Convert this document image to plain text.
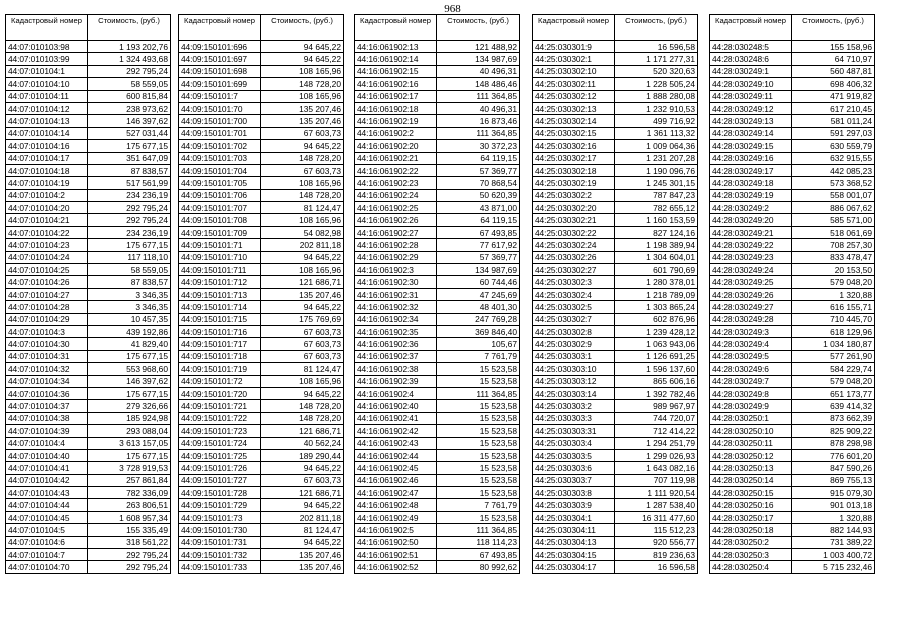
968
Кадастровый номер	Стоимость, (руб.)
44:07:010103:98	1 193 202,76
44:07:010103:99	1 324 493,68
44:07:010104:1	292 795,24
44:07:010104:10	58 559,05
44:07:010104:11	600 815,84
44:07:010104:12	238 973,62
44:07:010104:13	146 397,62
44:07:010104:14	527 031,44
44:07:010104:16	175 677,15
44:07:010104:17	351 647,09
44:07:010104:18	87 838,57
44:07:010104:19	517 561,99
44:07:010104:2	234 236,19
44:07:010104:20	292 795,24
44:07:010104:21	292 795,24
44:07:010104:22	234 236,19
44:07:010104:23	175 677,15
44:07:010104:24	117 118,10
44:07:010104:25	58 559,05
44:07:010104:26	87 838,57
44:07:010104:27	3 346,35
44:07:010104:28	3 346,35
44:07:010104:29	10 457,35
44:07:010104:3	439 192,86
44:07:010104:30	41 829,40
44:07:010104:31	175 677,15
44:07:010104:32	553 968,60
44:07:010104:34	146 397,62
44:07:010104:36	175 677,15
44:07:010104:37	279 326,66
44:07:010104:38	185 924,98
44:07:010104:39	293 088,04
44:07:010104:4	3 613 157,05
44:07:010104:40	175 677,15
44:07:010104:41	3 728 919,53
44:07:010104:42	257 861,84
44:07:010104:43	782 336,09
44:07:010104:44	263 806,51
44:07:010104:45	1 608 957,34
44:07:010104:5	155 335,49
44:07:010104:6	318 561,22
44:07:010104:7	292 795,24
44:07:010104:70	292 795,24
Кадастровый номер	Стоимость, (руб.)
44:09:150101:696	94 645,22
44:09:150101:697	94 645,22
44:09:150101:698	108 165,96
44:09:150101:699	148 728,20
44:09:150101:7	108 165,96
44:09:150101:70	135 207,46
44:09:150101:700	135 207,46
44:09:150101:701	67 603,73
44:09:150101:702	94 645,22
44:09:150101:703	148 728,20
44:09:150101:704	67 603,73
44:09:150101:705	108 165,96
44:09:150101:706	148 728,20
44:09:150101:707	81 124,47
44:09:150101:708	108 165,96
44:09:150101:709	54 082,98
44:09:150101:71	202 811,18
44:09:150101:710	94 645,22
44:09:150101:711	108 165,96
44:09:150101:712	121 686,71
44:09:150101:713	135 207,46
44:09:150101:714	94 645,22
44:09:150101:715	175 769,69
44:09:150101:716	67 603,73
44:09:150101:717	67 603,73
44:09:150101:718	67 603,73
44:09:150101:719	81 124,47
44:09:150101:72	108 165,96
44:09:150101:720	94 645,22
44:09:150101:721	148 728,20
44:09:150101:722	148 728,20
44:09:150101:723	121 686,71
44:09:150101:724	40 562,24
44:09:150101:725	189 290,44
44:09:150101:726	94 645,22
44:09:150101:727	67 603,73
44:09:150101:728	121 686,71
44:09:150101:729	94 645,22
44:09:150101:73	202 811,18
44:09:150101:730	81 124,47
44:09:150101:731	94 645,22
44:09:150101:732	135 207,46
44:09:150101:733	135 207,46
Кадастровый номер	Стоимость, (руб.)
44:16:061902:13	121 488,92
44:16:061902:14	134 987,69
44:16:061902:15	40 496,31
44:16:061902:16	148 486,46
44:16:061902:17	111 364,85
44:16:061902:18	40 496,31
44:16:061902:19	16 873,46
44:16:061902:2	111 364,85
44:16:061902:20	30 372,23
44:16:061902:21	64 119,15
44:16:061902:22	57 369,77
44:16:061902:23	70 868,54
44:16:061902:24	50 620,39
44:16:061902:25	43 871,00
44:16:061902:26	64 119,15
44:16:061902:27	67 493,85
44:16:061902:28	77 617,92
44:16:061902:29	57 369,77
44:16:061902:3	134 987,69
44:16:061902:30	60 744,46
44:16:061902:31	47 245,69
44:16:061902:32	48 401,30
44:16:061902:34	247 769,28
44:16:061902:35	369 846,40
44:16:061902:36	105,67
44:16:061902:37	7 761,79
44:16:061902:38	15 523,58
44:16:061902:39	15 523,58
44:16:061902:4	111 364,85
44:16:061902:40	15 523,58
44:16:061902:41	15 523,58
44:16:061902:42	15 523,58
44:16:061902:43	15 523,58
44:16:061902:44	15 523,58
44:16:061902:45	15 523,58
44:16:061902:46	15 523,58
44:16:061902:47	15 523,58
44:16:061902:48	7 761,79
44:16:061902:49	15 523,58
44:16:061902:5	111 364,85
44:16:061902:50	118 114,23
44:16:061902:51	67 493,85
44:16:061902:52	80 992,62
Кадастровый номер	Стоимость, (руб.)
44:25:030301:9	16 596,58
44:25:030302:1	1 171 277,31
44:25:030302:10	520 320,63
44:25:030302:11	1 228 505,24
44:25:030302:12	1 888 280,08
44:25:030302:13	1 232 910,53
44:25:030302:14	499 716,92
44:25:030302:15	1 361 113,32
44:25:030302:16	1 009 064,36
44:25:030302:17	1 231 207,28
44:25:030302:18	1 190 096,76
44:25:030302:19	1 245 301,15
44:25:030302:2	787 847,23
44:25:030302:20	782 655,12
44:25:030302:21	1 160 153,59
44:25:030302:22	827 124,16
44:25:030302:24	1 198 389,94
44:25:030302:26	1 304 604,01
44:25:030302:27	601 790,69
44:25:030302:3	1 280 378,01
44:25:030302:4	1 218 789,09
44:25:030302:5	1 303 865,24
44:25:030302:7	602 876,96
44:25:030302:8	1 239 428,12
44:25:030302:9	1 063 943,06
44:25:030303:1	1 126 691,25
44:25:030303:10	1 596 137,60
44:25:030303:12	865 606,16
44:25:030303:14	1 392 782,46
44:25:030303:2	989 967,97
44:25:030303:3	744 720,07
44:25:030303:31	712 414,22
44:25:030303:4	1 294 251,79
44:25:030303:5	1 299 026,93
44:25:030303:6	1 643 082,16
44:25:030303:7	707 119,98
44:25:030303:8	1 111 920,54
44:25:030303:9	1 287 538,40
44:25:030304:1	16 311 477,60
44:25:030304:11	115 512,23
44:25:030304:13	920 556,77
44:25:030304:15	819 236,63
44:25:030304:17	16 596,58
Кадастровый номер	Стоимость, (руб.)
44:28:030248:5	155 158,96
44:28:030248:6	64 710,97
44:28:030249:1	560 487,81
44:28:030249:10	698 406,32
44:28:030249:11	471 919,82
44:28:030249:12	617 210,45
44:28:030249:13	581 011,24
44:28:030249:14	591 297,03
44:28:030249:15	630 559,79
44:28:030249:16	632 915,55
44:28:030249:17	442 085,23
44:28:030249:18	573 368,52
44:28:030249:19	558 001,07
44:28:030249:2	886 067,62
44:28:030249:20	585 571,00
44:28:030249:21	518 061,69
44:28:030249:22	708 257,30
44:28:030249:23	833 478,47
44:28:030249:24	20 153,50
44:28:030249:25	579 048,20
44:28:030249:26	1 320,88
44:28:030249:27	616 155,71
44:28:030249:28	710 445,70
44:28:030249:3	618 129,96
44:28:030249:4	1 034 180,87
44:28:030249:5	577 261,90
44:28:030249:6	584 229,74
44:28:030249:7	579 048,20
44:28:030249:8	651 173,77
44:28:030249:9	639 414,32
44:28:030250:1	873 662,39
44:28:030250:10	825 909,22
44:28:030250:11	878 298,98
44:28:030250:12	776 601,20
44:28:030250:13	847 590,26
44:28:030250:14	869 755,13
44:28:030250:15	915 079,30
44:28:030250:16	901 013,18
44:28:030250:17	1 320,88
44:28:030250:18	882 144,93
44:28:030250:2	731 389,22
44:28:030250:3	1 003 400,72
44:28:030250:4	5 715 232,46
